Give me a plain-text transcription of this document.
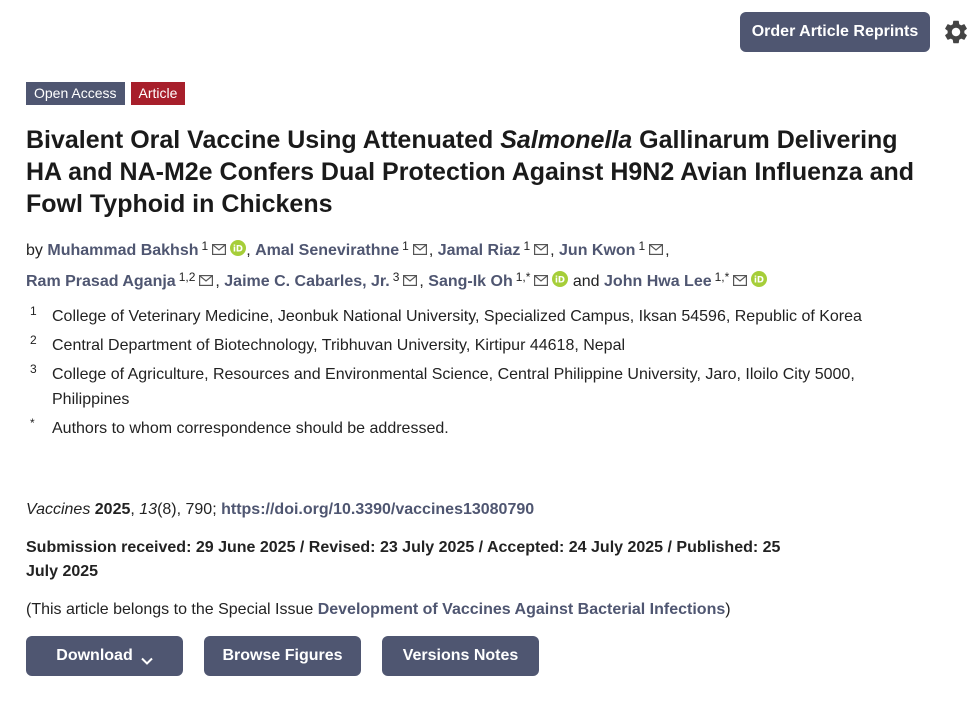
Order Article Reprints
Open Access	Article
Bivalent Oral Vaccine Using Attenuated Salmonella Gallinarum Delivering HA and NA-M2e Confers Dual Protection Against H9N2 Avian Influenza and Fowl Typhoid in Chickens
by Muhammad Bakhsh $^1$	iD , Amal Senevirathne $^1$ , Jamal Riaz $^1$ , Jun Kwon $^1$ ,
Ram Prasad Aganja $^{1,2}$ , Jaime C. Cabarles, Jr. $^3$ , Sang-Ik Oh $^{1,*}$	iD and John Hwa Lee $^{1,*}$	iD
1 College of Veterinary Medicine, Jeonbuk National University, Specialized Campus, Iksan 54596, Republic of Korea
2 Central Department of Biotechnology, Tribhuvan University, Kirtipur 44618, Nepal
3 College of Agriculture, Resources and Environmental Science, Central Philippine University, Jaro, Iloilo City 5000, Philippines
*	Authors to whom correspondence should be addressed.
Vaccines 2025, 13(8), 790; https://doi.org/10.3390/vaccines13080790
Submission received: 29 June 2025 / Revised: 23 July 2025 / Accepted: 24 July 2025 / Published: 25 July 2025
(This article belongs to the Special Issue Development of Vaccines Against Bacterial Infections)
Download	Browse Figures	Versions Notes
